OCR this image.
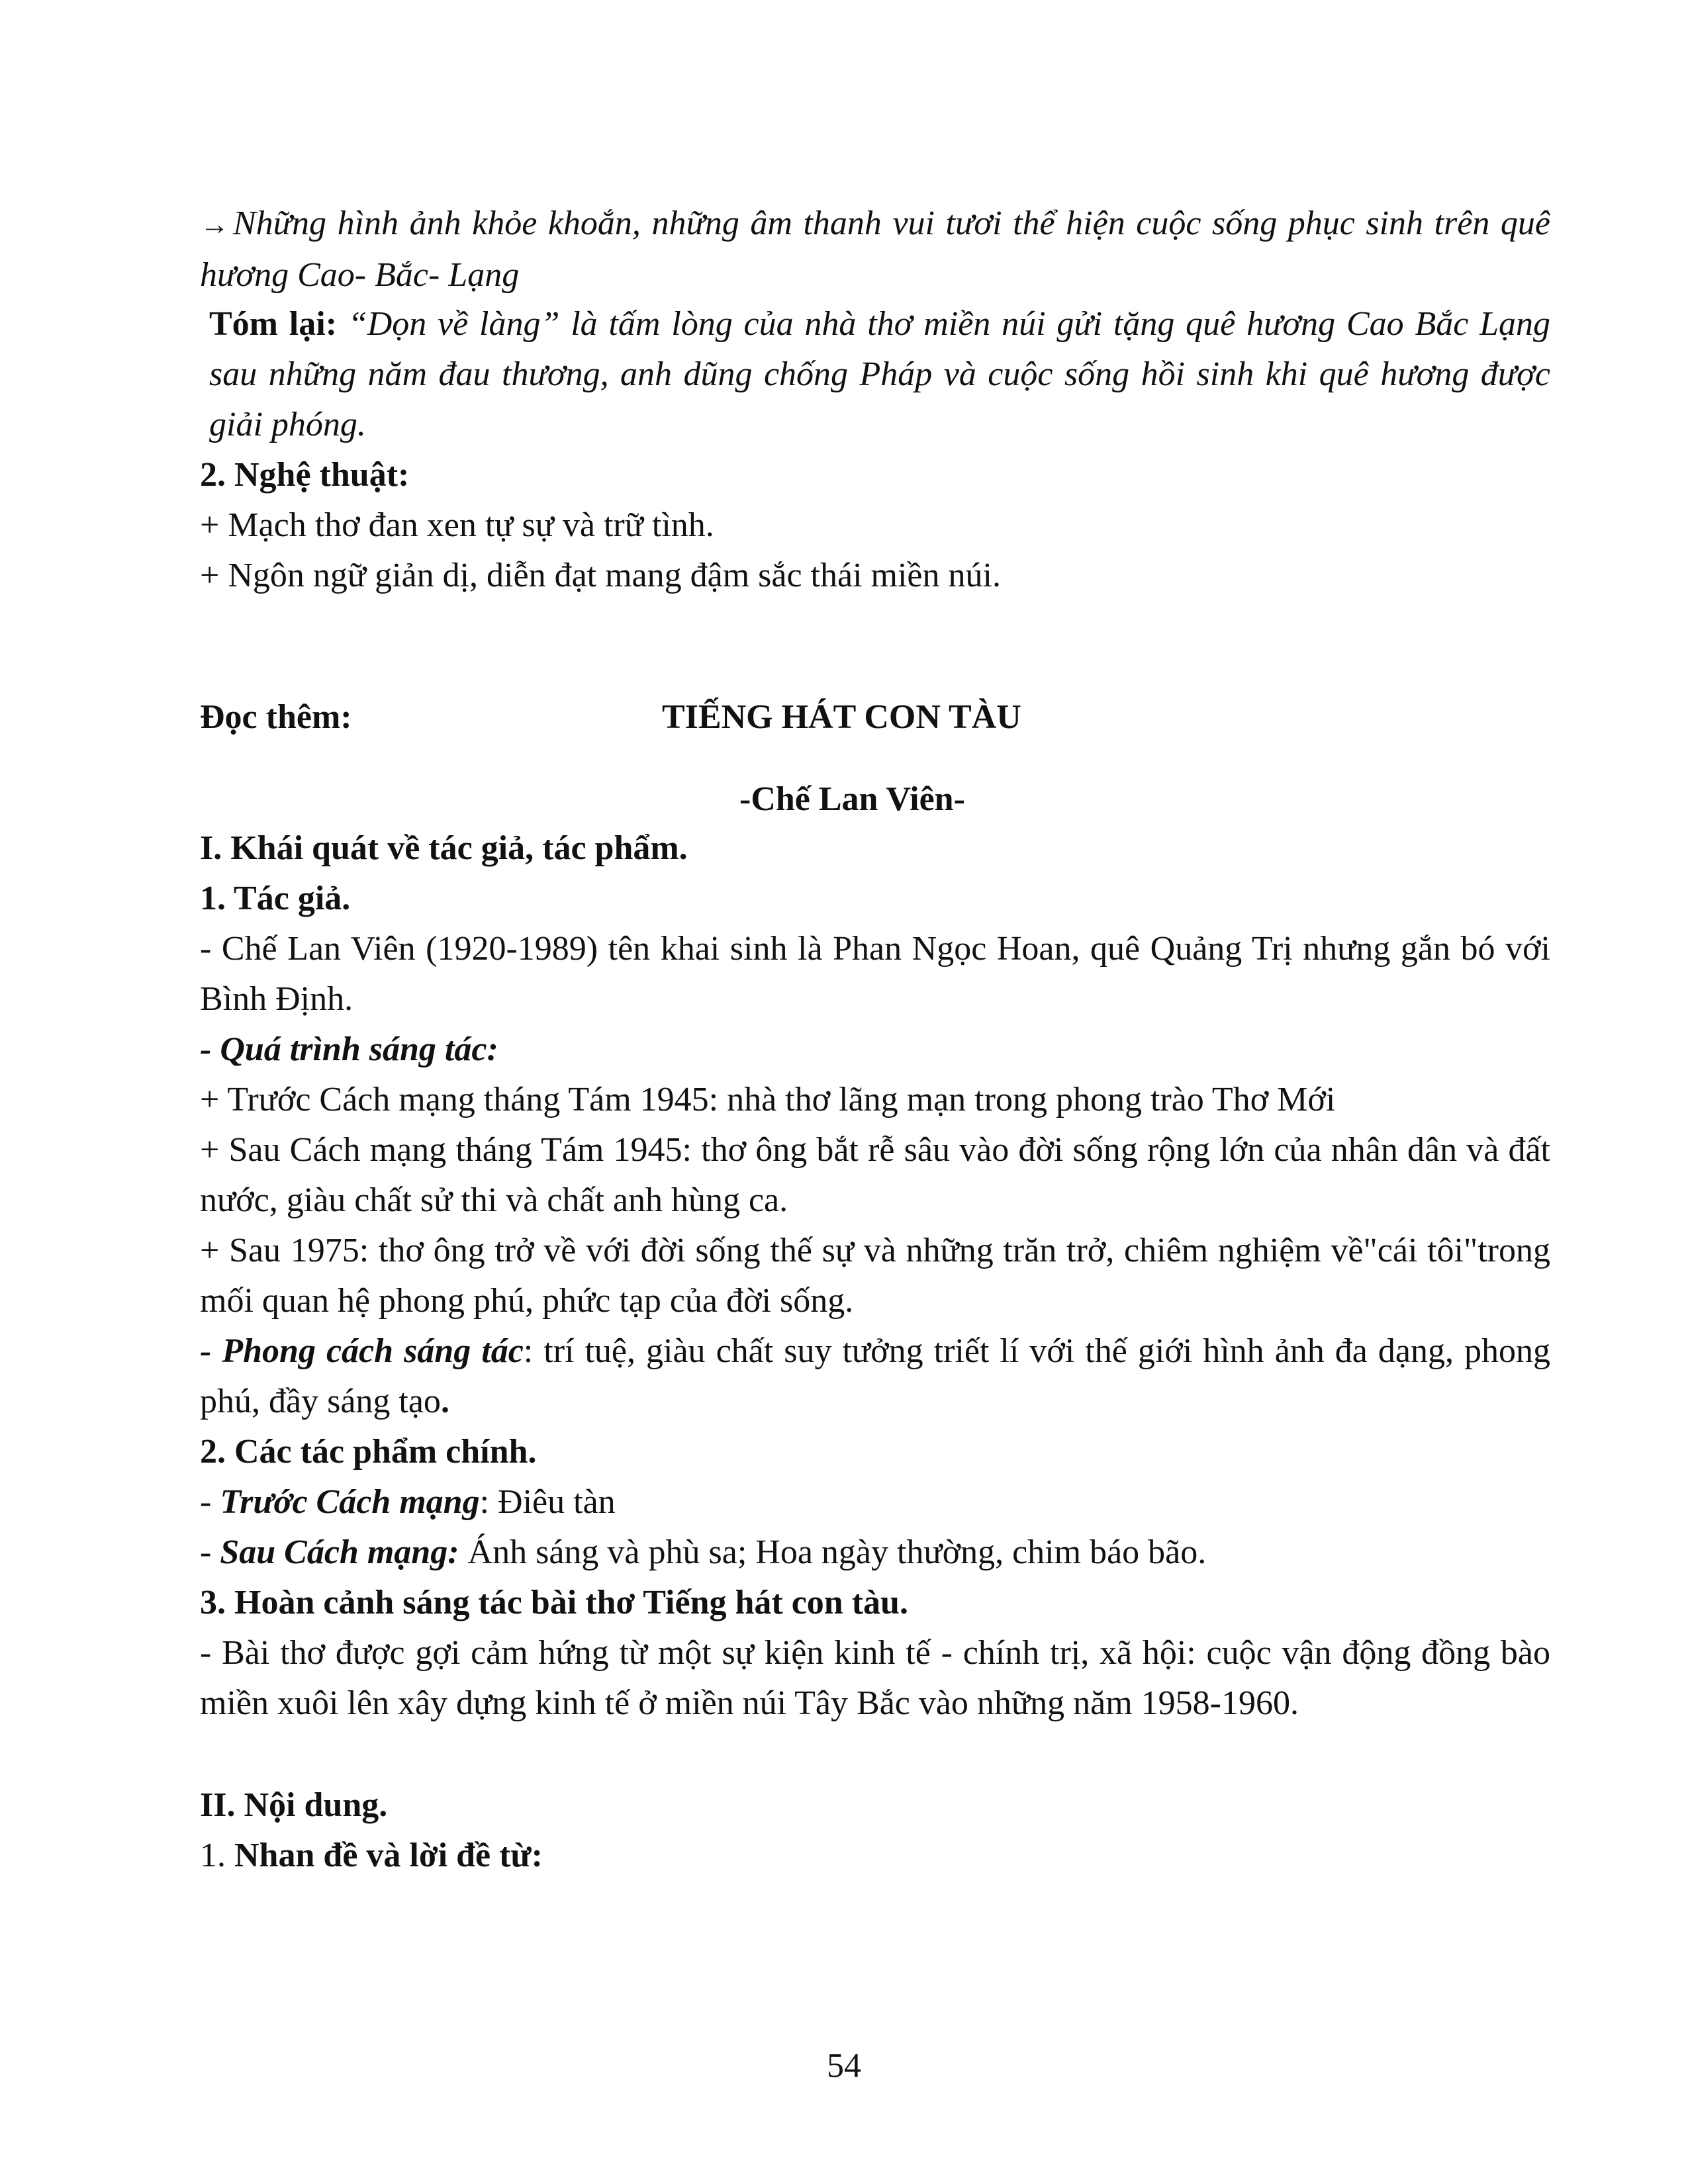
→ Những hình ảnh khỏe khoắn, những âm thanh vui tươi thể hiện cuộc sống phục sinh trên quê hương Cao- Bắc- Lạng
Tóm lại: “Dọn về làng” là tấm lòng của nhà thơ miền núi gửi tặng quê hương Cao Bắc Lạng sau những năm đau thương, anh dũng chống Pháp và cuộc sống hồi sinh khi quê hương được giải phóng.
2. Nghệ thuật:
+ Mạch thơ đan xen tự sự và trữ tình.
+ Ngôn ngữ giản dị, diễn đạt mang đậm sắc thái miền núi.
Đọc thêm:	TIẾNG HÁT CON TÀU
-Chế Lan Viên-
I. Khái quát về tác giả, tác phẩm.
1. Tác giả.
- Chế Lan Viên (1920-1989) tên khai sinh là Phan Ngọc Hoan, quê Quảng Trị nhưng gắn bó với Bình Định.
- Quá trình sáng tác:
+ Trước Cách mạng tháng Tám 1945: nhà thơ lãng mạn trong phong trào Thơ Mới
+ Sau Cách mạng tháng Tám 1945: thơ ông bắt rễ sâu vào đời sống rộng lớn của nhân dân và đất nước, giàu chất sử thi và chất anh hùng ca.
+ Sau 1975: thơ ông trở về với đời sống thế sự và những trăn trở, chiêm nghiệm về"cái tôi"trong mối quan hệ phong phú, phức tạp của đời sống.
- Phong cách sáng tác: trí tuệ, giàu chất suy tưởng triết lí với thế giới hình ảnh đa dạng, phong phú, đầy sáng tạo.
2. Các tác phẩm chính.
- Trước Cách mạng: Điêu tàn
- Sau Cách mạng: Ánh sáng và phù sa; Hoa ngày thường, chim báo bão.
3. Hoàn cảnh sáng tác bài thơ Tiếng hát con tàu.
- Bài thơ được gợi cảm hứng từ một sự kiện kinh tế - chính trị, xã hội: cuộc vận động đồng bào miền xuôi lên xây dựng kinh tế ở miền núi Tây Bắc vào những năm 1958-1960.
II. Nội dung.
1. Nhan đề và lời đề từ:
54
